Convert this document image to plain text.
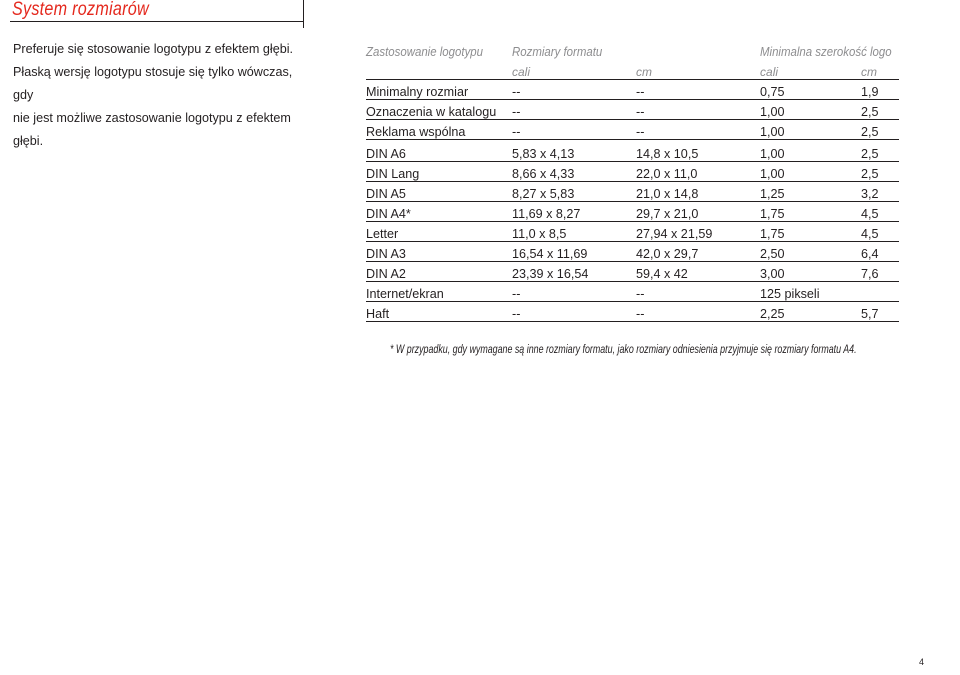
System rozmiarów

Preferuje się stosowanie logotypu z efektem głębi.

Płaską wersję logotypu stosuje się tylko wówczas, gdy

nie jest możliwe zastosowanie logotypu z efektem

głębi.

Zastosowanie logotypu	Rozmiary formatu		Minimalna szerokość logo	
	cali	cm	cali	cm
Minimalny rozmiar	--	--	0,75	1,9
Oznaczenia w katalogu	--	--	1,00	2,5
Reklama wspólna	--	--	1,00	2,5

DIN A6	5,83 x 4,13	14,8 x 10,5	1,00	2,5
DIN Lang	8,66 x 4,33	22,0 x 11,0	1,00	2,5
DIN A5	8,27 x 5,83	21,0 x 14,8	1,25	3,2
DIN A4*	11,69 x 8,27	29,7 x 21,0	1,75	4,5
Letter	11,0 x 8,5	27,94 x 21,59	1,75	4,5
DIN A3	16,54 x 11,69	42,0 x 29,7	2,50	6,4
DIN A2	23,39 x 16,54	59,4 x 42	3,00	7,6
Internet/ekran	--	--	125 pikseli	
Haft	--	--	2,25	5,7

* W przypadku, gdy wymagane są inne rozmiary formatu, jako rozmiary odniesienia przyjmuje się rozmiary formatu A4.

4
